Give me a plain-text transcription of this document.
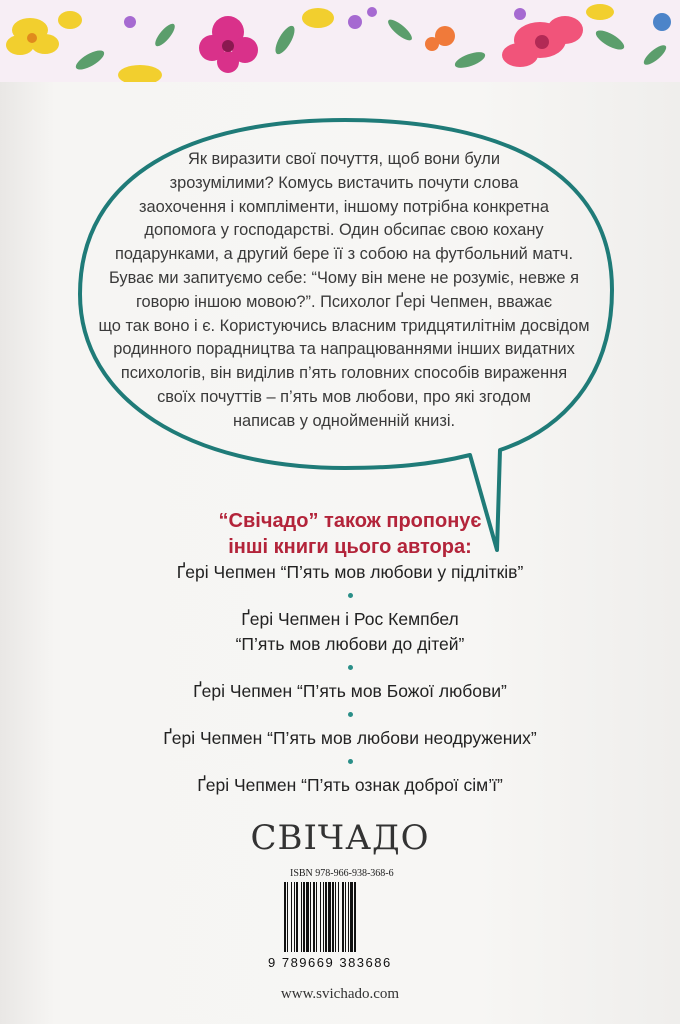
Як виразити свої почуття, щоб вони були
зрозумілими? Комусь вистачить почути слова
заохочення і компліменти, іншому потрібна конкретна
допомога у господарстві. Один обсипає свою кохану
подарунками, а другий бере її з собою на футбольний матч.
Буває ми запитуємо себе: “Чому він мене не розуміє, невже я
говорю іншою мовою?”. Психолог Ґері Чепмен, вважає
що так воно і є. Користуючись власним тридцятилітнім досвідом
родинного порадництва та напрацюваннями інших видатних
психологів, він виділив п’ять головних способів вираження
своїх почуттів – п’ять мов любови, про які згодом
написав у однойменній книзі.
“Свічадо” також пропонує
інші книги цього автора:
Ґері Чепмен “П’ять мов любови у підлітків”
Ґері Чепмен і Рос Кемпбел
“П’ять мов любови до дітей”
Ґері Чепмен “П’ять мов Божої любови”
Ґері Чепмен “П’ять мов любови неодружених”
Ґері Чепмен “П’ять ознак доброї сім’ї”
СВІЧАДО
ISBN 978-966-938-368-6
9 789669 383686
www.svichado.com
